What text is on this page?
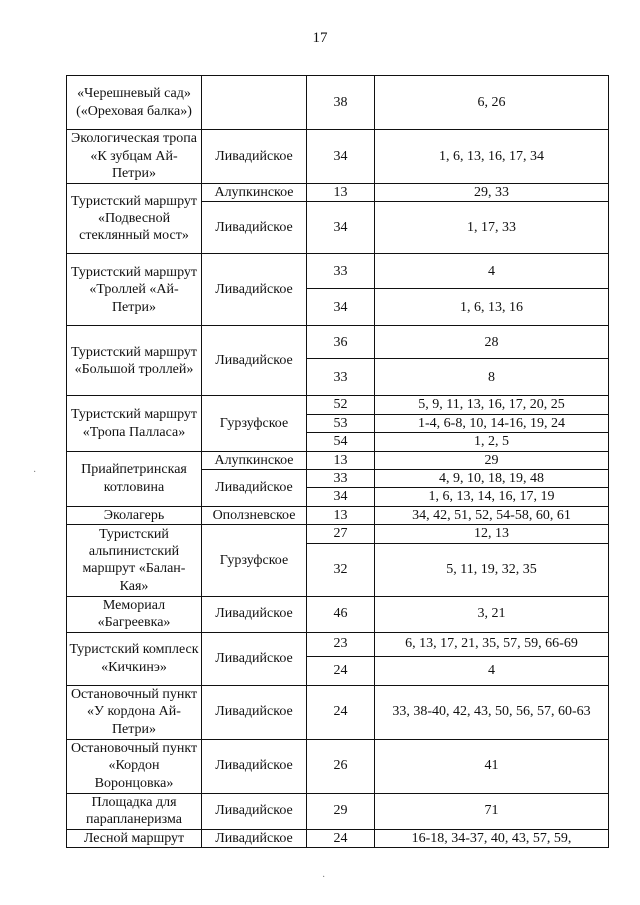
17
«Черешневый сад» («Ореховая балка»)		38	6, 26
Экологическая тропа «К зубцам Ай-Петри»	Ливадийское	34	1, 6, 13, 16, 17, 34
Туристский маршрут «Подвесной стеклянный мост»	Алупкинское	13	29, 33
	Ливадийское	34	1, 17, 33
Туристский маршрут «Троллей «Ай-Петри»	Ливадийское	33	4
		34	1, 6, 13, 16
Туристский маршрут «Большой троллей»	Ливадийское	36	28
		33	8
Туристский маршрут «Тропа Палласа»	Гурзуфское	52	5, 9, 11, 13, 16, 17, 20, 25
		53	1-4, 6-8, 10, 14-16, 19, 24
		54	1, 2, 5
Приайпетринская котловина	Алупкинское	13	29
	Ливадийское	33	4, 9, 10, 18, 19, 48
		34	1, 6, 13, 14, 16, 17, 19
Эколагерь	Оползневское	13	34, 42, 51, 52, 54-58, 60, 61
Туристский альпинистский маршрут «Балан-Кая»	Гурзуфское	27	12, 13
		32	5, 11, 19, 32, 35
Мемориал «Багреевка»	Ливадийское	46	3, 21
Туристский комплеск «Кичкинэ»	Ливадийское	23	6, 13, 17, 21, 35, 57, 59, 66-69
		24	4
Остановочный пункт «У кордона Ай-Петри»	Ливадийское	24	33, 38-40, 42, 43, 50, 56, 57, 60-63
Остановочный пункт «Кордон Воронцовка»	Ливадийское	26	41
Площадка для парапланеризма	Ливадийское	29	71
Лесной маршрут	Ливадийское	24	16-18, 34-37, 40, 43, 57, 59,
·
·
